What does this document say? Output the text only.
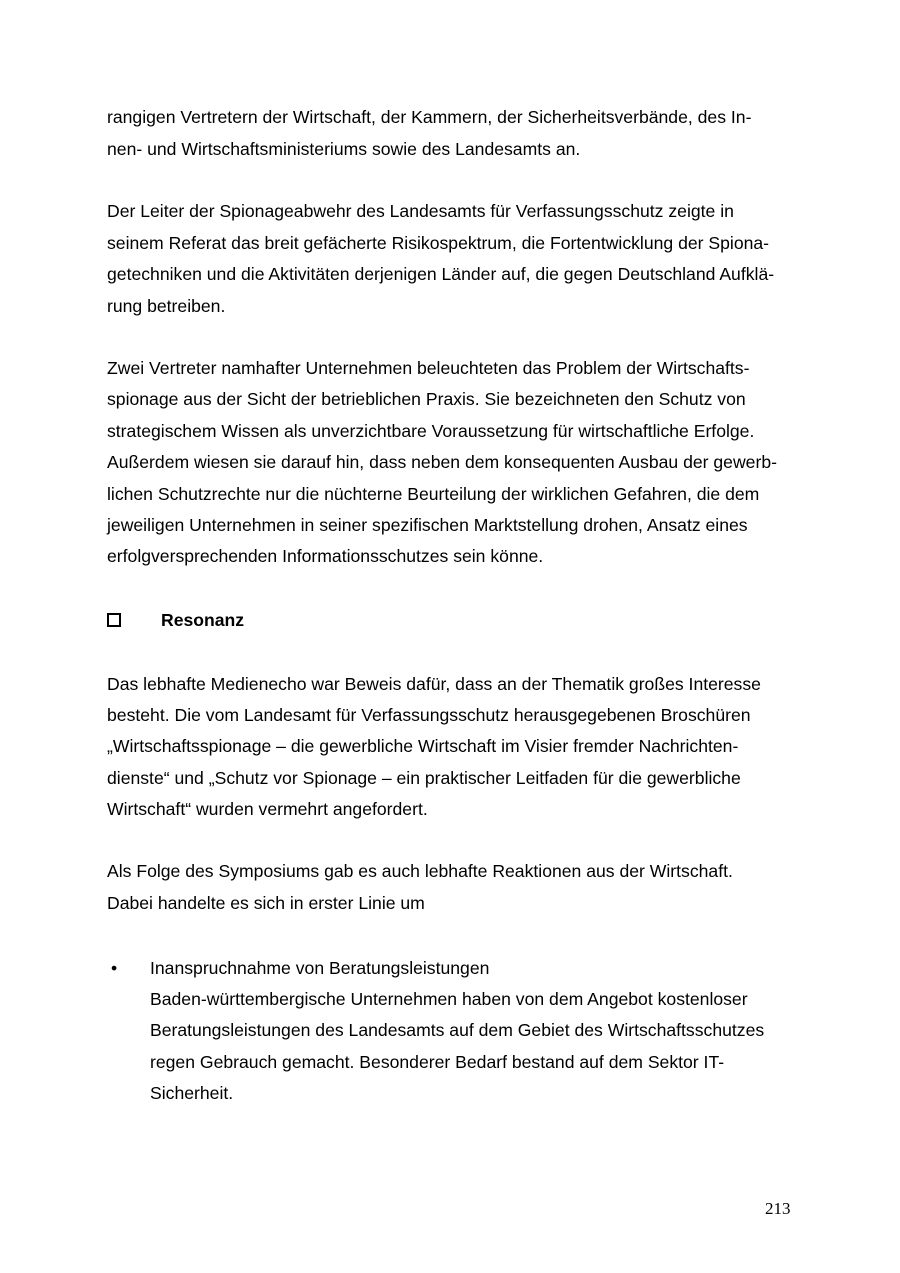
rangigen Vertretern der Wirtschaft, der Kammern, der Sicherheitsverbände, des In-
nen- und Wirtschaftsministeriums sowie des Landesamts an.
Der Leiter der Spionageabwehr des Landesamts für Verfassungsschutz zeigte in
seinem Referat das breit gefächerte Risikospektrum, die Fortentwicklung der Spiona-
getechniken und die Aktivitäten derjenigen Länder auf, die gegen Deutschland Aufklä-
rung betreiben.
Zwei Vertreter namhafter Unternehmen beleuchteten das Problem der Wirtschafts-
spionage aus der Sicht der betrieblichen Praxis. Sie bezeichneten den Schutz von
strategischem Wissen als unverzichtbare Voraussetzung für wirtschaftliche Erfolge.
Außerdem wiesen sie darauf hin, dass neben dem konsequenten Ausbau der gewerb-
lichen Schutzrechte nur die nüchterne Beurteilung der wirklichen Gefahren, die dem
jeweiligen Unternehmen in seiner spezifischen Marktstellung drohen, Ansatz eines
erfolgversprechenden Informationsschutzes sein könne.
Resonanz
Das lebhafte Medienecho war Beweis dafür, dass an der Thematik großes Interesse
besteht. Die vom Landesamt für Verfassungsschutz herausgegebenen Broschüren
„Wirtschaftsspionage – die gewerbliche Wirtschaft im Visier fremder Nachrichten-
dienste“ und „Schutz vor Spionage – ein praktischer Leitfaden für die gewerbliche
Wirtschaft“ wurden vermehrt angefordert.
Als Folge des Symposiums gab es auch lebhafte Reaktionen aus der Wirtschaft.
Dabei handelte es sich in erster Linie um
• Inanspruchnahme von Beratungsleistungen
Baden-württembergische Unternehmen haben von dem Angebot kostenloser
Beratungsleistungen des Landesamts auf dem Gebiet des Wirtschaftsschutzes
regen Gebrauch gemacht. Besonderer Bedarf bestand auf dem Sektor IT-
Sicherheit.
213
